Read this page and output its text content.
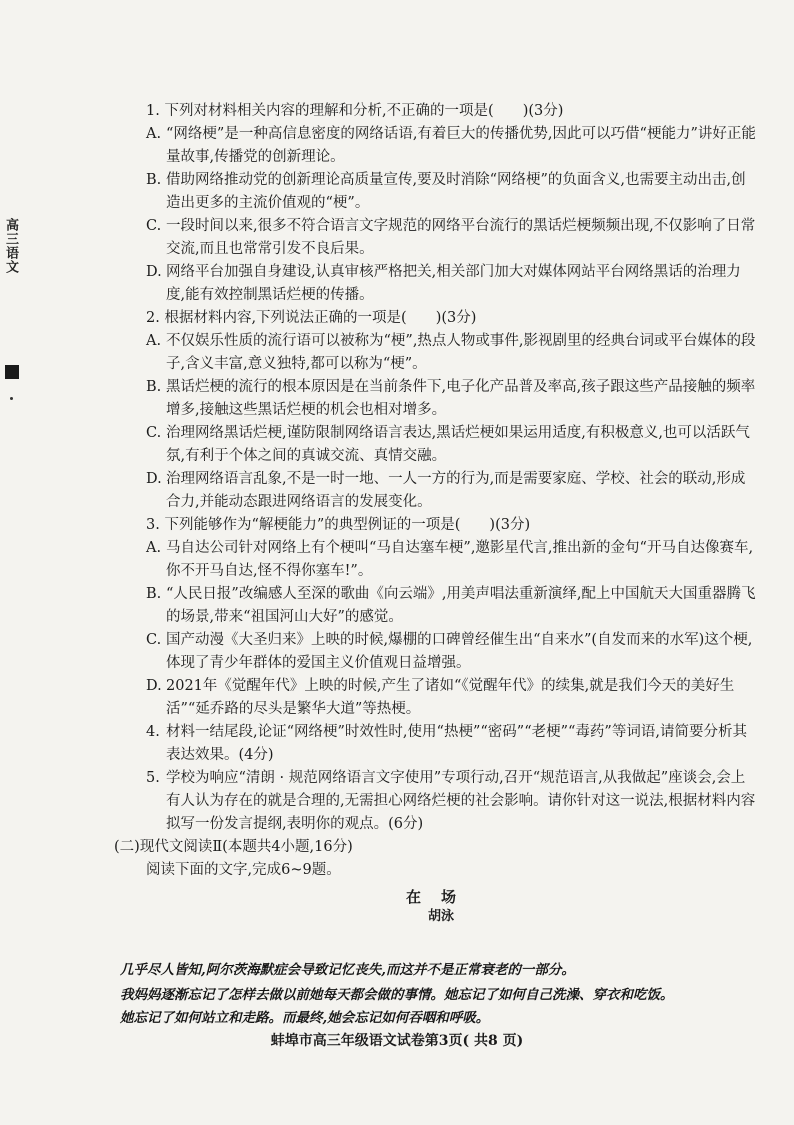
高三语文

1. 下列对材料相关内容的理解和分析,不正确的一项是(　　)(3分)

A. “网络梗”是一种高信息密度的网络话语,有着巨大的传播优势,因此可以巧借“梗能力”讲好正能量故事,传播党的创新理论。

B. 借助网络推动党的创新理论高质量宣传,要及时消除“网络梗”的负面含义,也需要主动出击,创造出更多的主流价值观的“梗”。

C. 一段时间以来,很多不符合语言文字规范的网络平台流行的黑话烂梗频频出现,不仅影响了日常交流,而且也常常引发不良后果。

D. 网络平台加强自身建设,认真审核严格把关,相关部门加大对媒体网站平台网络黑话的治理力度,能有效控制黑话烂梗的传播。

2. 根据材料内容,下列说法正确的一项是(　　)(3分)

A. 不仅娱乐性质的流行语可以被称为“梗”,热点人物或事件,影视剧里的经典台词或平台媒体的段子,含义丰富,意义独特,都可以称为“梗”。

B. 黑话烂梗的流行的根本原因是在当前条件下,电子化产品普及率高,孩子跟这些产品接触的频率增多,接触这些黑话烂梗的机会也相对增多。

C. 治理网络黑话烂梗,谨防限制网络语言表达,黑话烂梗如果运用适度,有积极意义,也可以活跃气氛,有利于个体之间的真诚交流、真情交融。

D. 治理网络语言乱象,不是一时一地、一人一方的行为,而是需要家庭、学校、社会的联动,形成合力,并能动态跟进网络语言的发展变化。

3. 下列能够作为“解梗能力”的典型例证的一项是(　　)(3分)

A. 马自达公司针对网络上有个梗叫“马自达塞车梗”,邀影星代言,推出新的金句“开马自达像赛车,你不开马自达,怪不得你塞车!”。

B. “人民日报”改编感人至深的歌曲《向云端》,用美声唱法重新演绎,配上中国航天大国重器腾飞的场景,带来“祖国河山大好”的感觉。

C. 国产动漫《大圣归来》上映的时候,爆棚的口碑曾经催生出“自来水”(自发而来的水军)这个梗,体现了青少年群体的爱国主义价值观日益增强。

D. 2021年《觉醒年代》上映的时候,产生了诸如“《觉醒年代》的续集,就是我们今天的美好生活”“延乔路的尽头是繁华大道”等热梗。

4. 材料一结尾段,论证“网络梗”时效性时,使用“热梗”“密码”“老梗”“毒药”等词语,请简要分析其表达效果。(4分)

5. 学校为响应“清朗 · 规范网络语言文字使用”专项行动,召开“规范语言,从我做起”座谈会,会上有人认为存在的就是合理的,无需担心网络烂梗的社会影响。请你针对这一说法,根据材料内容拟写一份发言提纲,表明你的观点。(6分)

(二)现代文阅读Ⅱ(本题共4小题,16分)

阅读下面的文字,完成6~9题。

在场
胡泳
几乎尽人皆知,阿尔茨海默症会导致记忆丧失,而这并不是正常衰老的一部分。
我妈妈逐渐忘记了怎样去做以前她每天都会做的事情。她忘记了如何自己洗澡、穿衣和吃饭。
她忘记了如何站立和走路。而最终,她会忘记如何吞咽和呼吸。
蚌埠市高三年级语文试卷第3页( 共8 页)
